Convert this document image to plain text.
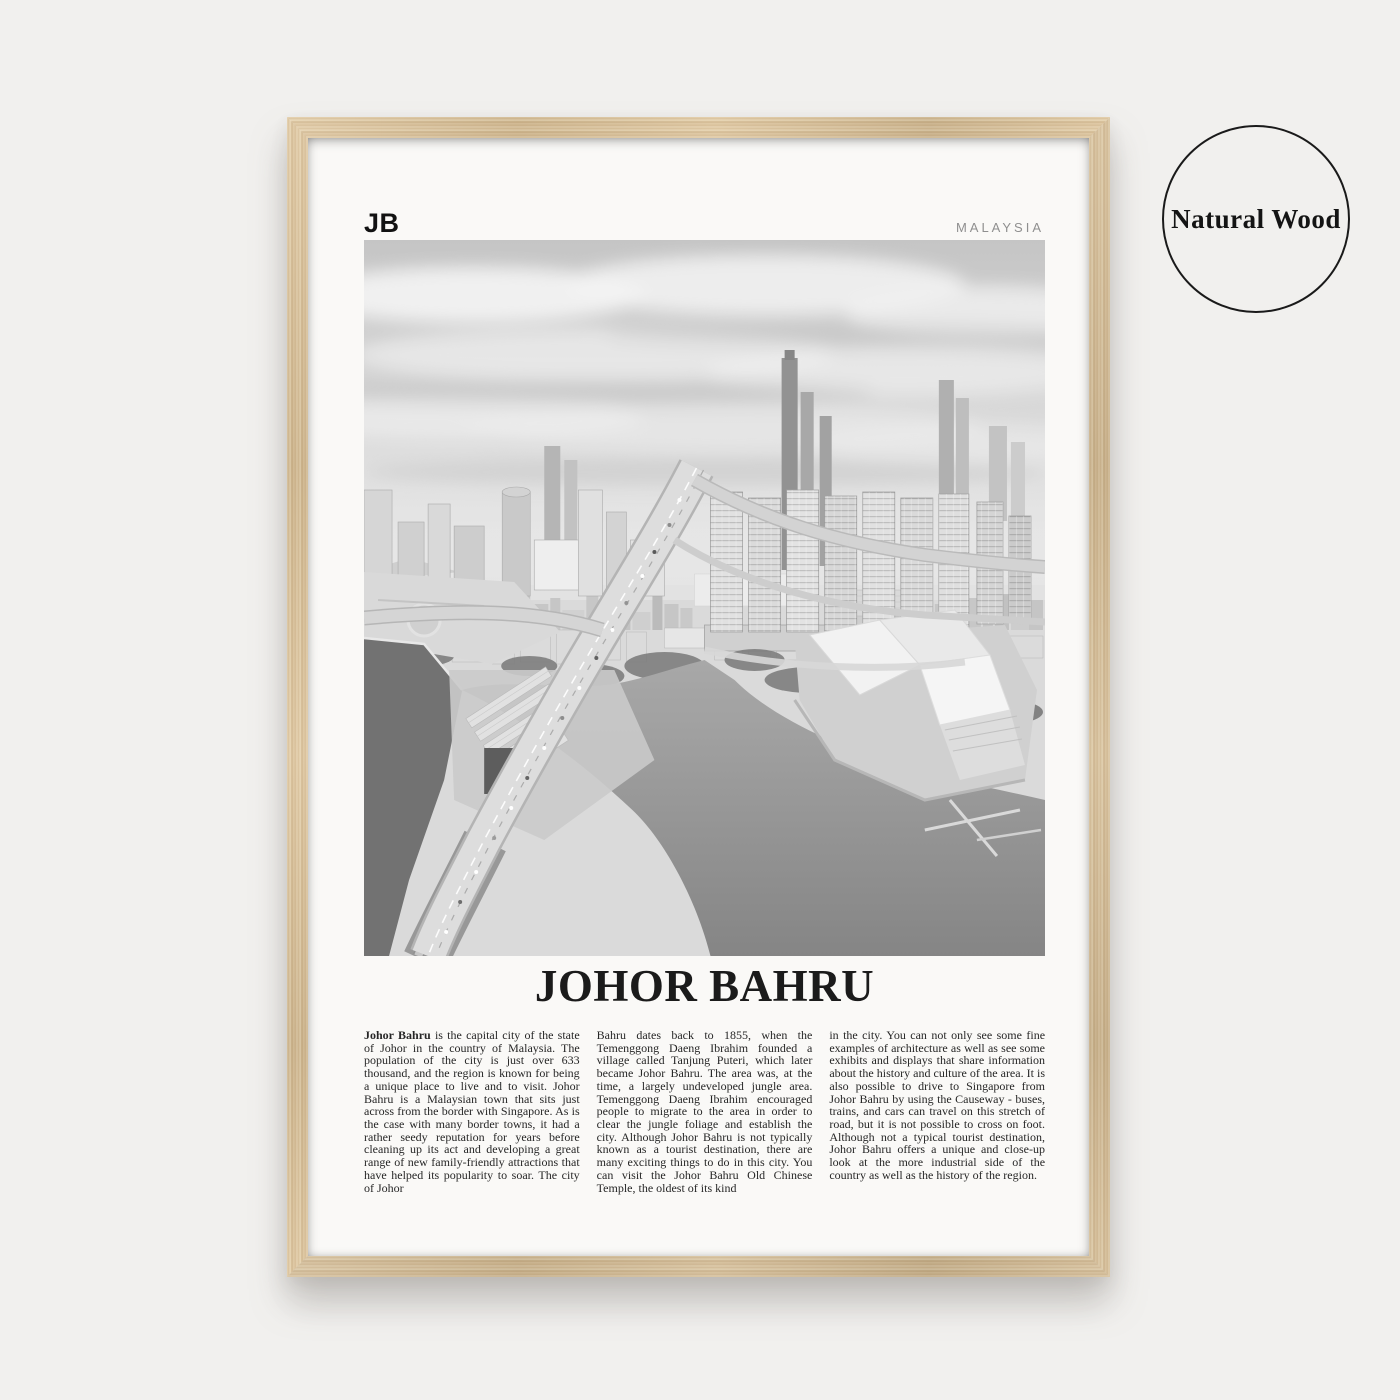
JB	MALAYSIA
JOHOR BAHRU
Johor Bahru is the capital city of the state of Johor in the country of Malaysia. The population of the city is just over 633 thousand, and the region is known for being a unique place to live and to visit. Johor Bahru is a Malaysian town that sits just across from the border with Singapore. As is the case with many border towns, it had a rather seedy reputation for years before cleaning up its act and developing a great range of new family-friendly attractions that have helped its popularity to soar. The city of Johor
Bahru dates back to 1855, when the Temenggong Daeng Ibrahim founded a village called Tanjung Puteri, which later became Johor Bahru. The area was, at the time, a largely undeveloped jungle area. Temenggong Daeng Ibrahim encouraged people to migrate to the area in order to clear the jungle foliage and establish the city. Although Johor Bahru is not typically known as a tourist destination, there are many exciting things to do in this city. You can visit the Johor Bahru Old Chinese Temple, the oldest of its kind
in the city. You can not only see some fine examples of architecture as well as see some exhibits and displays that share information about the history and culture of the area. It is also possible to drive to Singapore from Johor Bahru by using the Causeway - buses, trains, and cars can travel on this stretch of road, but it is not possible to cross on foot. Although not a typical tourist destination, Johor Bahru offers a unique and close-up look at the more industrial side of the country as well as the history of the region.
Natural Wood
